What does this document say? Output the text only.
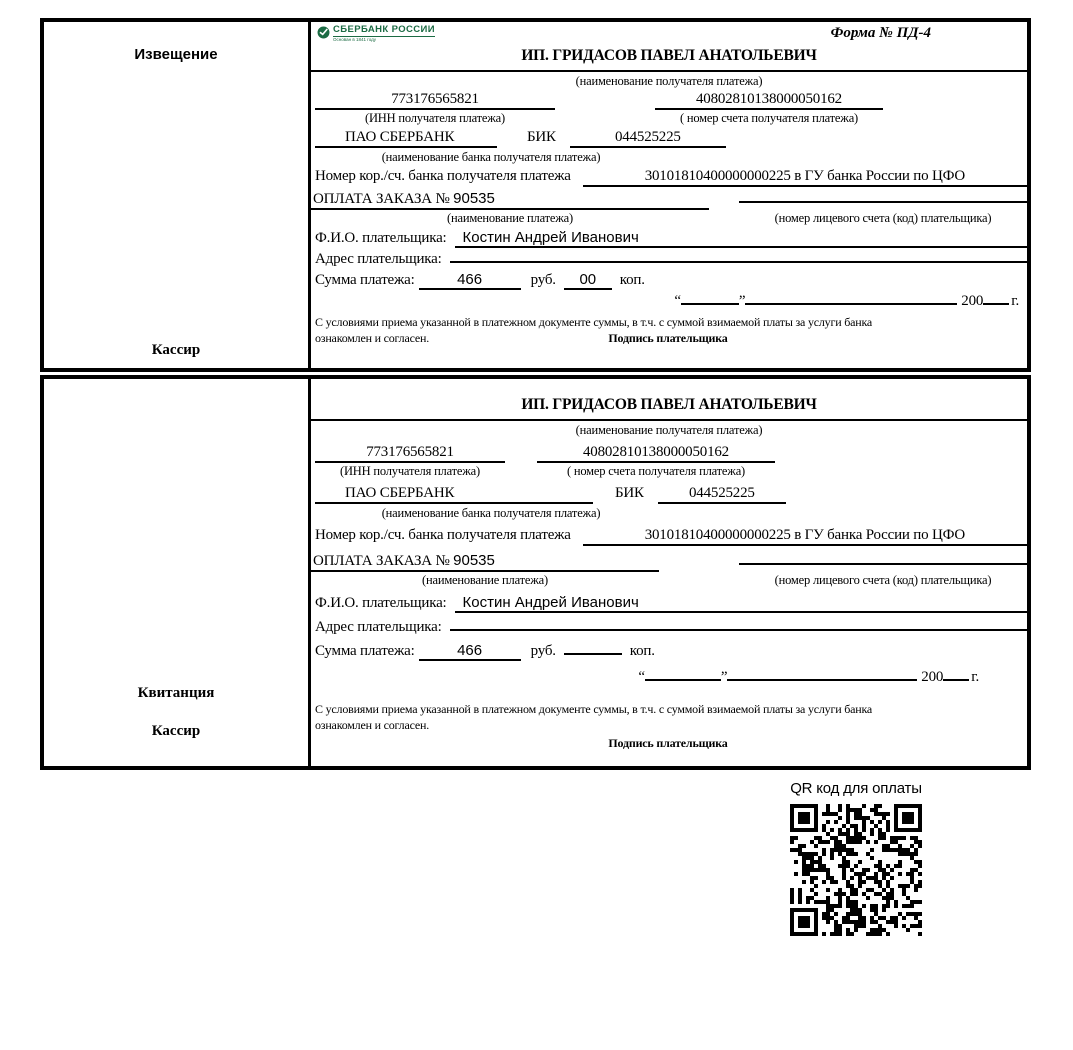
Извещение
Кассир
СБЕРБАНК РОССИИ
Основан в 1841 году	Форма № ПД-4
ИП. ГРИДАСОВ ПАВЕЛ АНАТОЛЬЕВИЧ
(наименование получателя платежа)
773176565821	40802810138000050162
(ИНН получателя платежа)	( номер счета получателя платежа)
ПАО СБЕРБАНК	БИК	044525225
(наименование банка получателя платежа)
Номер кор./сч. банка получателя платежа	30101810400000000225 в ГУ банка России по ЦФО
ОПЛАТА ЗАКАЗА № 90535
(наименование платежа)	(номер лицевого счета (код) плательщика)
Ф.И.О. плательщика:	Костин Андрей Иванович
Адрес плательщика:
Сумма платежа:	466	руб.	00	коп.
“	”	200 г.
С условиями приема указанной в платежном документе суммы, в т.ч. с суммой взимаемой платы за услуги банка
ознакомлен и согласен.	Подпись плательщика
Квитанция
Кассир
ИП. ГРИДАСОВ ПАВЕЛ АНАТОЛЬЕВИЧ
(наименование получателя платежа)
773176565821	40802810138000050162
(ИНН получателя платежа)	( номер счета получателя платежа)
ПАО СБЕРБАНК	БИК	044525225
(наименование банка получателя платежа)
Номер кор./сч. банка получателя платежа	30101810400000000225 в ГУ банка России по ЦФО
ОПЛАТА ЗАКАЗА № 90535
(наименование платежа)	(номер лицевого счета (код) плательщика)
Ф.И.О. плательщика:	Костин Андрей Иванович
Адрес плательщика:
Сумма платежа:	466	руб.	коп.
“	”	200 г.
С условиями приема указанной в платежном документе суммы, в т.ч. с суммой взимаемой платы за услуги банка
ознакомлен и согласен.
Подпись плательщика
QR код для оплаты
